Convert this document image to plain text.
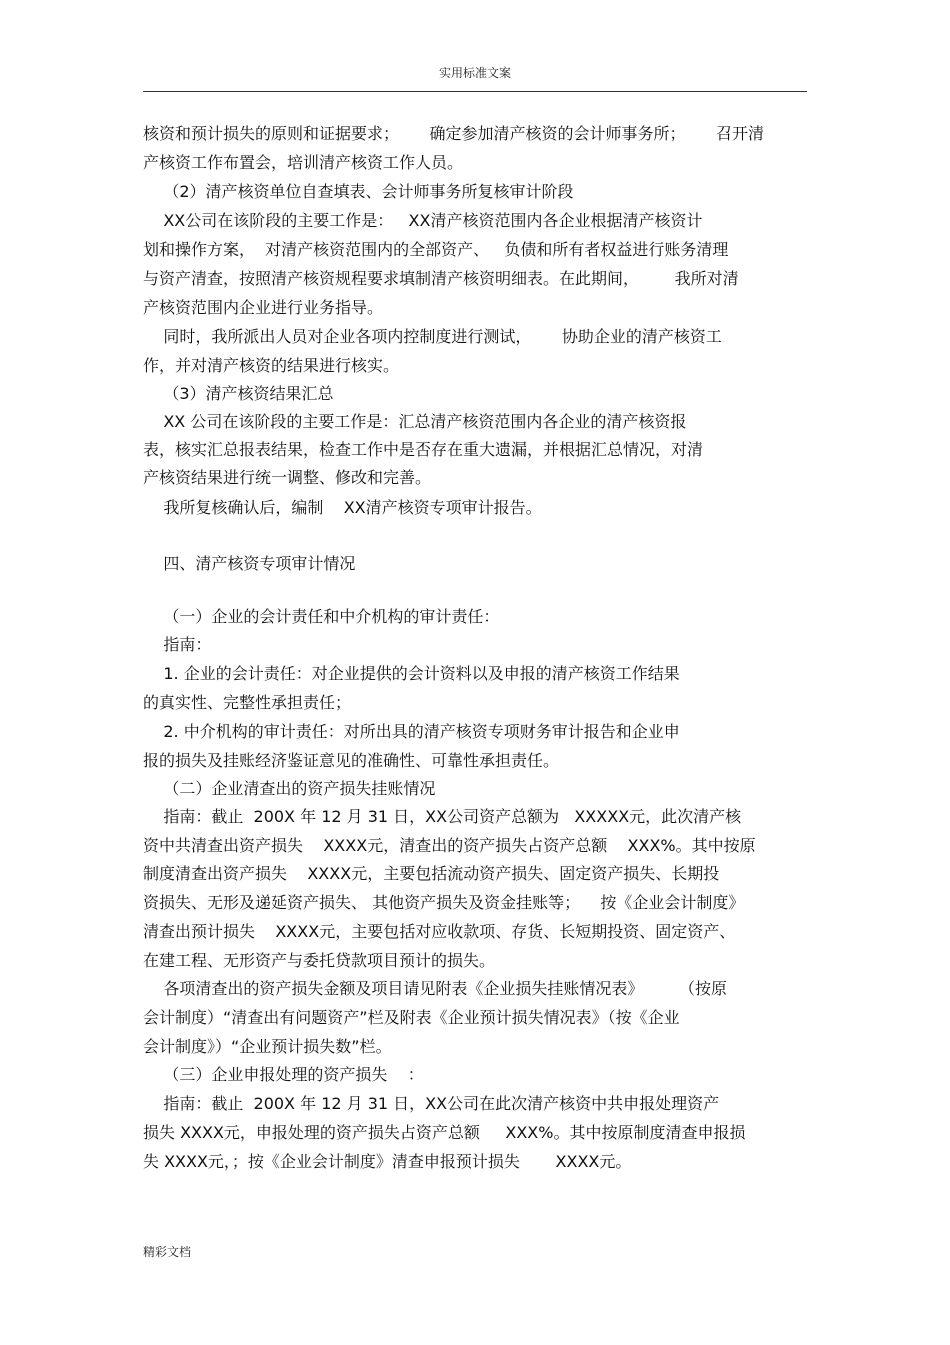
实用标准文案
核资和预计损失的原则和证据要求；      确定参加清产核资的会计师事务所；      召开清
产核资工作布置会，培训清产核资工作人员。
（2）清产核资单位自查填表、会计师事务所复核审计阶段
XX公司在该阶段的主要工作是：   XX清产核资范围内各企业根据清产核资计
划和操作方案，  对清产核资范围内的全部资产、   负债和所有者权益进行账务清理
与资产清查，按照清产核资规程要求填制清产核资明细表。在此期间，       我所对清
产核资范围内企业进行业务指导。
同时，我所派出人员对企业各项内控制度进行测试，      协助企业的清产核资工
作，并对清产核资的结果进行核实。
（3）清产核资结果汇总
XX 公司在该阶段的主要工作是：汇总清产核资范围内各企业的清产核资报
表，核实汇总报表结果，检查工作中是否存在重大遗漏，并根据汇总情况，对清
产核资结果进行统一调整、修改和完善。
我所复核确认后，编制    XX清产核资专项审计报告。
四、清产核资专项审计情况
（一）企业的会计责任和中介机构的审计责任：
指南：
1. 企业的会计责任：对企业提供的会计资料以及申报的清产核资工作结果
的真实性、完整性承担责任；
2. 中介机构的审计责任：对所出具的清产核资专项财务审计报告和企业申
报的损失及挂账经济鉴证意见的准确性、可靠性承担责任。
（二）企业清查出的资产损失挂账情况
指南：截止  200X 年 12 月 31 日，XX公司资产总额为   XXXXX元，此次清产核
资中共清查出资产损失    XXXX元，清查出的资产损失占资产总额    XXX%。其中按原
制度清查出资产损失    XXXX元，主要包括流动资产损失、固定资产损失、长期投
资损失、无形及递延资产损失、 其他资产损失及资金挂账等；    按《企业会计制度》
清查出预计损失    XXXX元，主要包括对应收款项、存货、长短期投资、固定资产、
在建工程、无形资产与委托贷款项目预计的损失。
各项清查出的资产损失金额及项目请见附表《企业损失挂账情况表》       （按原
会计制度）“清查出有问题资产”栏及附表《企业预计损失情况表》（按《企业
会计制度》）“企业预计损失数”栏。
（三）企业申报处理的资产损失    ：
指南：截止  200X 年 12 月 31 日，XX公司在此次清产核资中共申报处理资产
损失 XXXX元，申报处理的资产损失占资产总额     XXX%。其中按原制度清查申报损
失 XXXX元，；按《企业会计制度》清查申报预计损失       XXXX元。
精彩文档
